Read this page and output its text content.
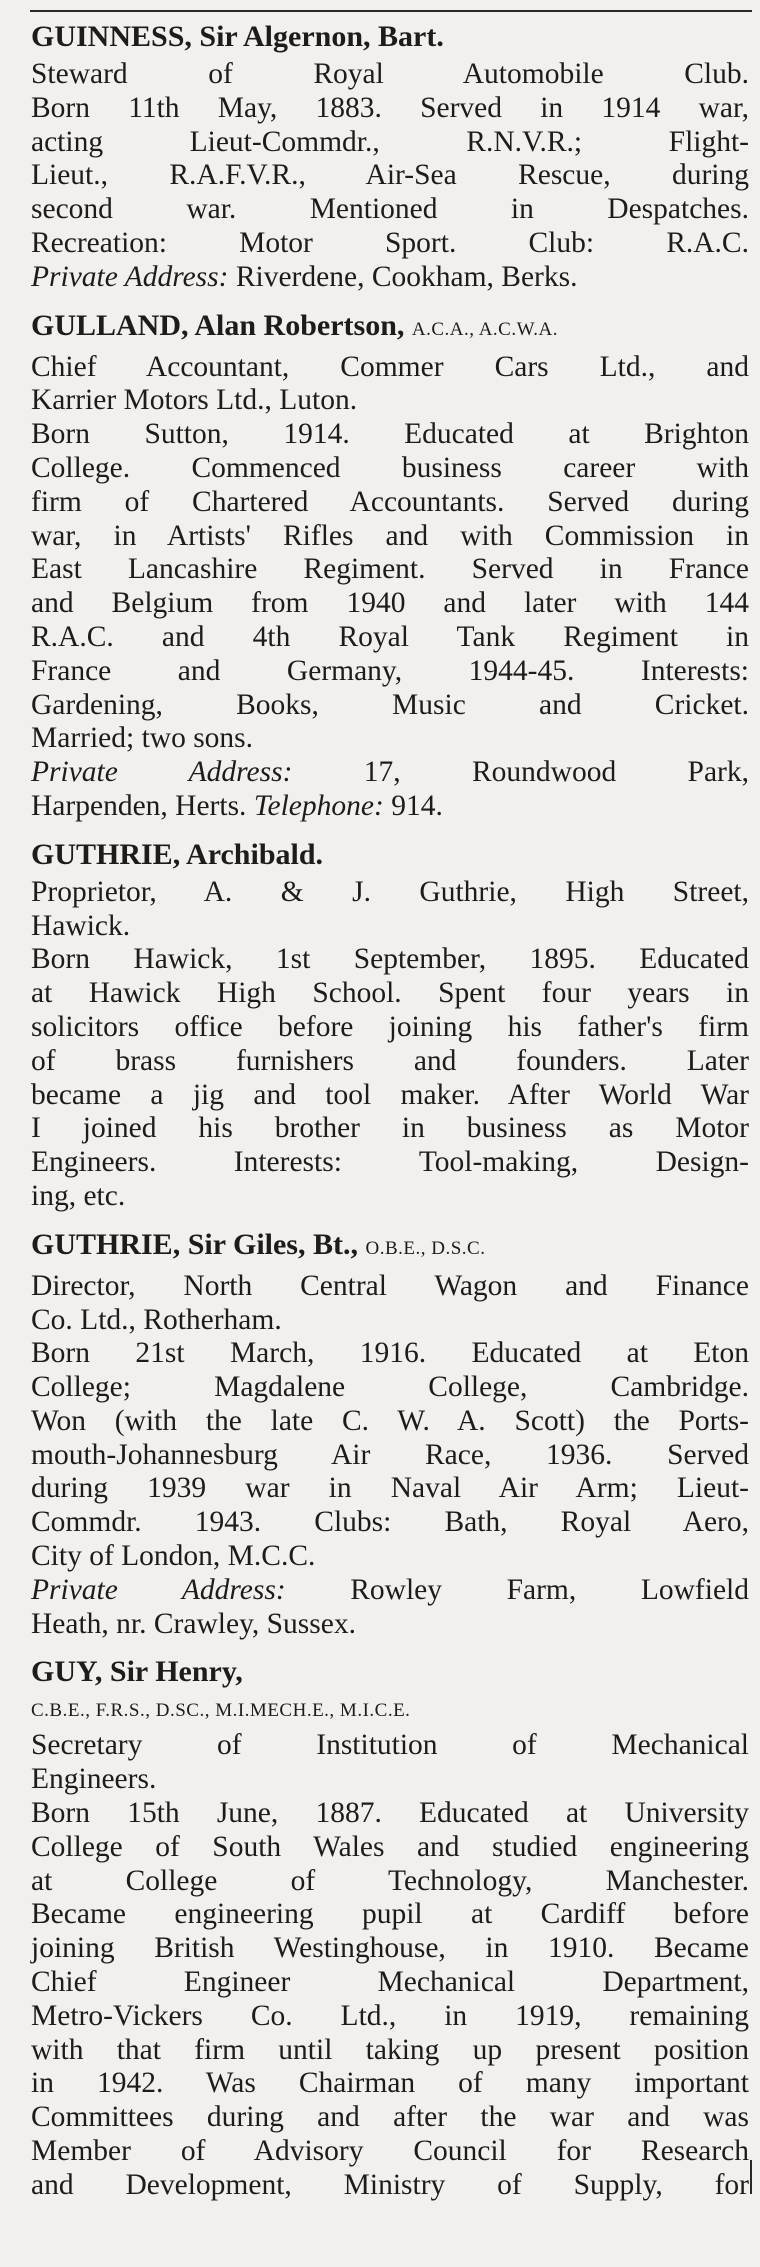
GUINNESS, Sir Algernon, Bart.
Steward of Royal Automobile Club.
Born 11th May, 1883. Served in 1914 war,
acting Lieut-Commdr., R.N.V.R.; Flight-
Lieut., R.A.F.V.R., Air-Sea Rescue, during
second war. Mentioned in Despatches.
Recreation: Motor Sport. Club: R.A.C.
Private Address: Riverdene, Cookham, Berks.
GULLAND, Alan Robertson, A.C.A., A.C.W.A.
Chief Accountant, Commer Cars Ltd., and
Karrier Motors Ltd., Luton.
Born Sutton, 1914. Educated at Brighton
College. Commenced business career with
firm of Chartered Accountants. Served during
war, in Artists' Rifles and with Commission in
East Lancashire Regiment. Served in France
and Belgium from 1940 and later with 144
R.A.C. and 4th Royal Tank Regiment in
France and Germany, 1944-45. Interests:
Gardening, Books, Music and Cricket.
Married; two sons.
Private Address: 17, Roundwood Park,
Harpenden, Herts. Telephone: 914.
GUTHRIE, Archibald.
Proprietor, A. & J. Guthrie, High Street,
Hawick.
Born Hawick, 1st September, 1895. Educated
at Hawick High School. Spent four years in
solicitors office before joining his father's firm
of brass furnishers and founders. Later
became a jig and tool maker. After World War
I joined his brother in business as Motor
Engineers. Interests: Tool-making, Design-
ing, etc.
GUTHRIE, Sir Giles, Bt., O.B.E., D.S.C.
Director, North Central Wagon and Finance
Co. Ltd., Rotherham.
Born 21st March, 1916. Educated at Eton
College; Magdalene College, Cambridge.
Won (with the late C. W. A. Scott) the Ports-
mouth-Johannesburg Air Race, 1936. Served
during 1939 war in Naval Air Arm; Lieut-
Commdr. 1943. Clubs: Bath, Royal Aero,
City of London, M.C.C.
Private Address: Rowley Farm, Lowfield
Heath, nr. Crawley, Sussex.
GUY, Sir Henry,
C.B.E., F.R.S., D.SC., M.I.MECH.E., M.I.C.E.
Secretary of Institution of Mechanical
Engineers.
Born 15th June, 1887. Educated at University
College of South Wales and studied engineering
at College of Technology, Manchester.
Became engineering pupil at Cardiff before
joining British Westinghouse, in 1910. Became
Chief Engineer Mechanical Department,
Metro-Vickers Co. Ltd., in 1919, remaining
with that firm until taking up present position
in 1942. Was Chairman of many important
Committees during and after the war and was
Member of Advisory Council for Research
and Development, Ministry of Supply, for
